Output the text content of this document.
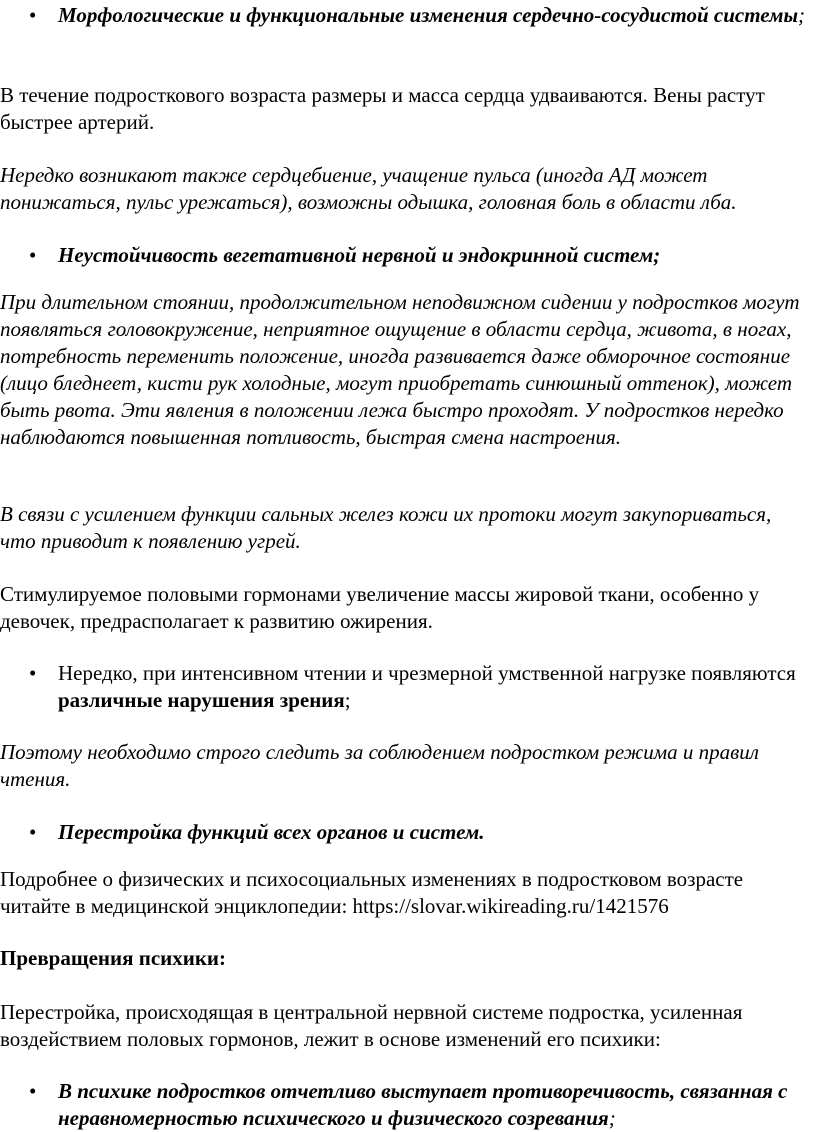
• Морфологические и функциональные изменения сердечно-сосудистой системы;

В течение подросткового возраста размеры и масса сердца удваиваются. Вены растут быстрее артерий.

Нередко возникают также сердцебиение, учащение пульса (иногда АД может понижаться, пульс урежаться), возможны одышка, головная боль в области лба.

• Неустойчивость вегетативной нервной и эндокринной систем;

При длительном стоянии, продолжительном неподвижном сидении у подростков могут появляться головокружение, неприятное ощущение в области сердца, живота, в ногах, потребность переменить положение, иногда развивается даже обморочное состояние (лицо бледнеет, кисти рук холодные, могут приобретать синюшный оттенок), может быть рвота. Эти явления в положении лежа быстро проходят. У подростков нередко наблюдаются повышенная потливость, быстрая смена настроения.

В связи с усилением функции сальных желез кожи их протоки могут закупориваться, что приводит к появлению угрей.

Стимулируемое половыми гормонами увеличение массы жировой ткани, особенно у девочек, предрасполагает к развитию ожирения.

• Нередко, при интенсивном чтении и чрезмерной умственной нагрузке появляются различные нарушения зрения;

Поэтому необходимо строго следить за соблюдением подростком режима и правил чтения.

• Перестройка функций всех органов и систем.

Подробнее о физических и психосоциальных изменениях в подростковом возрасте читайте в медицинской энциклопедии: https://slovar.wikireading.ru/1421576

Превращения психики:

Перестройка, происходящая в центральной нервной системе подростка, усиленная воздействием половых гормонов, лежит в основе изменений его психики:

• В психике подростков отчетливо выступает противоречивость, связанная с неравномерностью психического и физического созревания;
